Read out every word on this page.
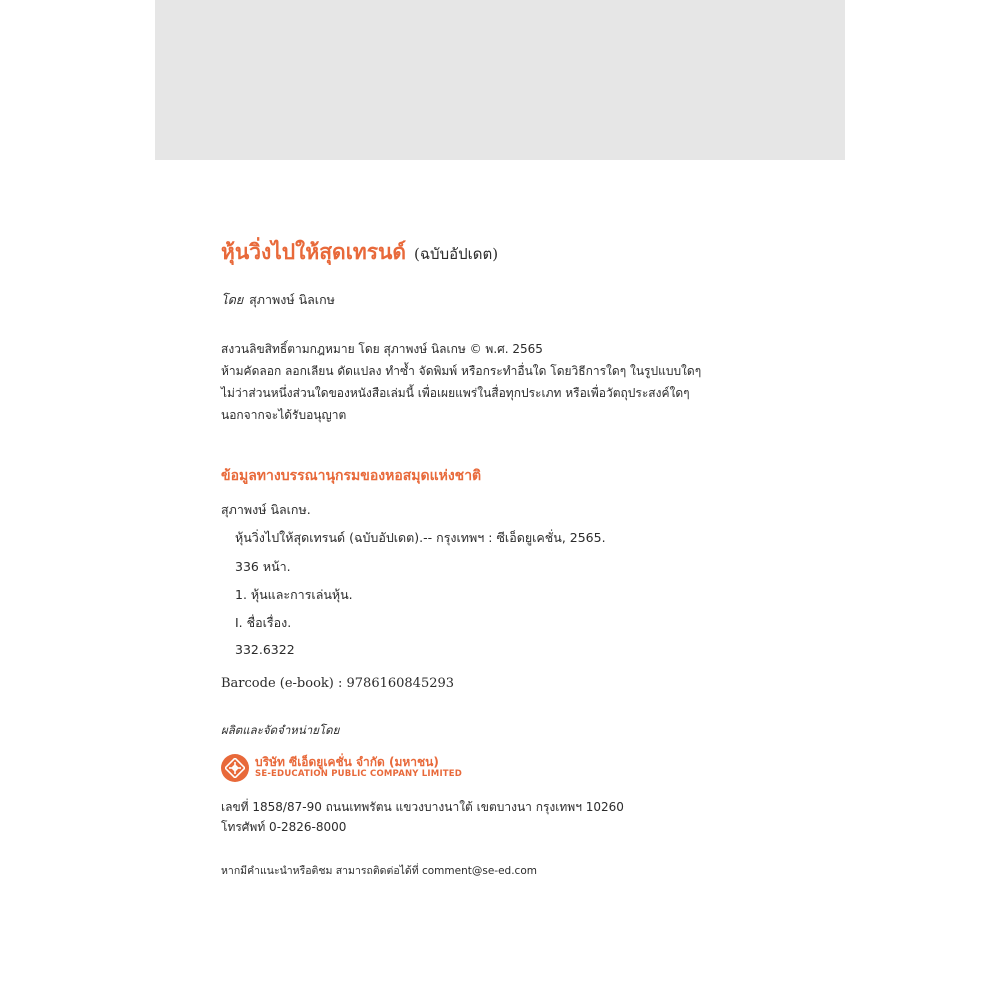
หุ้นวิ่งไปให้สุดเทรนด์ (ฉบับอัปเดต)
โดย สุภาพงษ์ นิลเกษ
สงวนลิขสิทธิ์ตามกฎหมาย โดย สุภาพงษ์ นิลเกษ © พ.ศ. 2565
ห้ามคัดลอก ลอกเลียน ดัดแปลง ทำซ้ำ จัดพิมพ์ หรือกระทำอื่นใด โดยวิธีการใดๆ ในรูปแบบใดๆ
ไม่ว่าส่วนหนึ่งส่วนใดของหนังสือเล่มนี้ เพื่อเผยแพร่ในสื่อทุกประเภท หรือเพื่อวัตถุประสงค์ใดๆ
นอกจากจะได้รับอนุญาต
ข้อมูลทางบรรณานุกรมของหอสมุดแห่งชาติ
สุภาพงษ์ นิลเกษ.
หุ้นวิ่งไปให้สุดเทรนด์ (ฉบับอัปเดต).-- กรุงเทพฯ : ซีเอ็ดยูเคชั่น, 2565.
336 หน้า.
1. หุ้นและการเล่นหุ้น.
I. ชื่อเรื่อง.
332.6322
Barcode (e-book) : 9786160845293
ผลิตและจัดจำหน่ายโดย
บริษัท ซีเอ็ดยูเคชั่น จำกัด (มหาชน)
SE-EDUCATION PUBLIC COMPANY LIMITED
เลขที่ 1858/87-90 ถนนเทพรัตน แขวงบางนาใต้ เขตบางนา กรุงเทพฯ 10260
โทรศัพท์ 0-2826-8000
หากมีคำแนะนำหรือติชม สามารถติดต่อได้ที่ comment@se-ed.com
